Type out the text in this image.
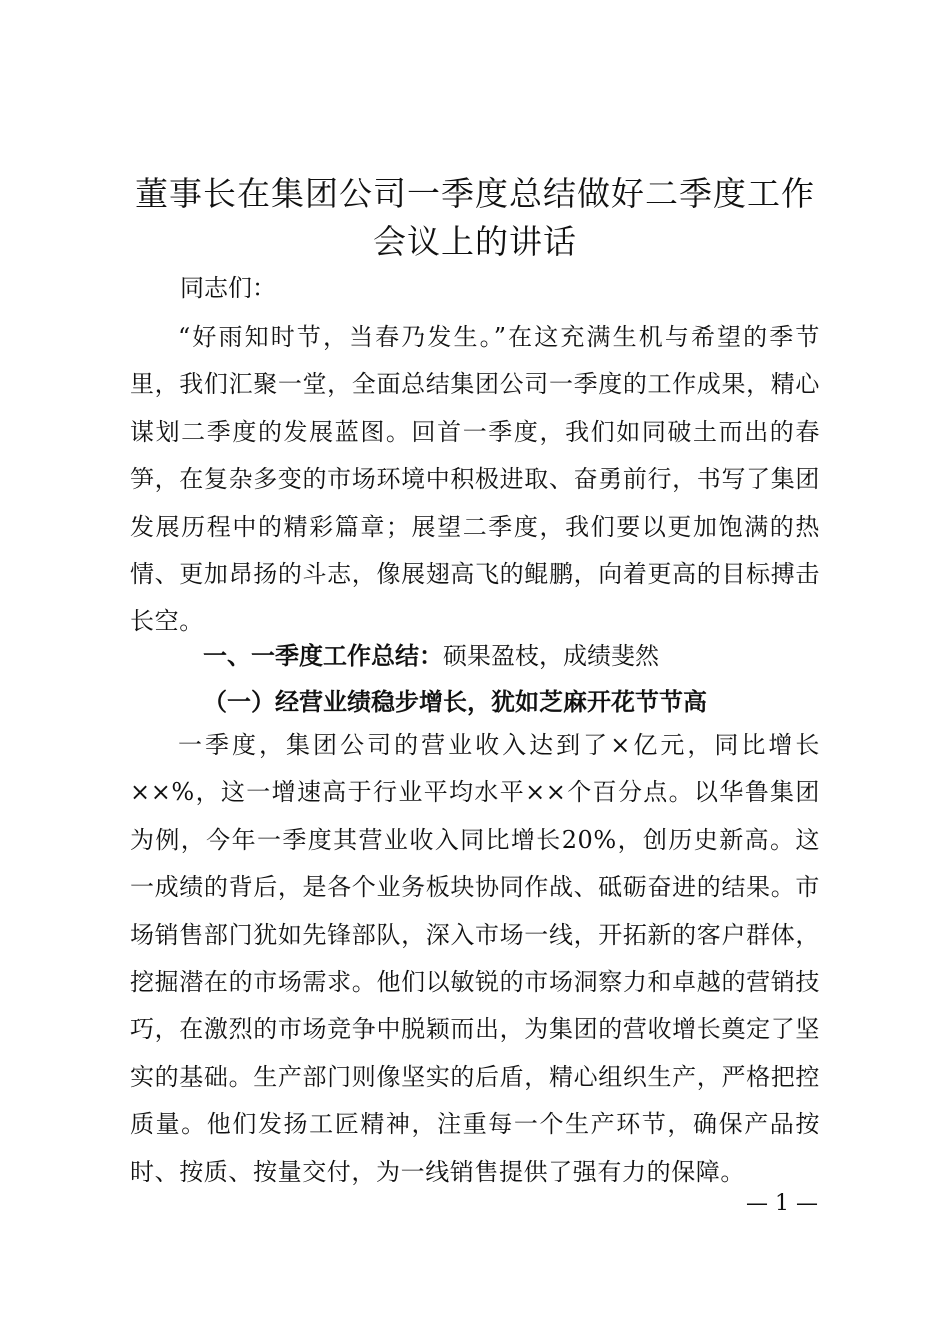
董事长在集团公司一季度总结做好二季度工作
会议上的讲话
同志们：

“好雨知时节，当春乃发生。”在这充满生机与希望的季节里，我们汇聚一堂，全面总结集团公司一季度的工作成果，精心谋划二季度的发展蓝图。回首一季度，我们如同破土而出的春笋，在复杂多变的市场环境中积极进取、奋勇前行，书写了集团发展历程中的精彩篇章；展望二季度，我们要以更加饱满的热情、更加昂扬的斗志，像展翅高飞的鲲鹏，向着更高的目标搏击长空。

一、一季度工作总结：硕果盈枝，成绩斐然
（一）经营业绩稳步增长，犹如芝麻开花节节高

一季度，集团公司的营业收入达到了×亿元，同比增长××%，这一增速高于行业平均水平××个百分点。以华鲁集团为例，今年一季度其营业收入同比增长20%，创历史新高。这一成绩的背后，是各个业务板块协同作战、砥砺奋进的结果。市场销售部门犹如先锋部队，深入市场一线，开拓新的客户群体，挖掘潜在的市场需求。他们以敏锐的市场洞察力和卓越的营销技巧，在激烈的市场竞争中脱颖而出，为集团的营收增长奠定了坚实的基础。生产部门则像坚实的后盾，精心组织生产，严格把控质量。他们发扬工匠精神，注重每一个生产环节，确保产品按时、按质、按量交付，为一线销售提供了强有力的保障。

— 1 —
